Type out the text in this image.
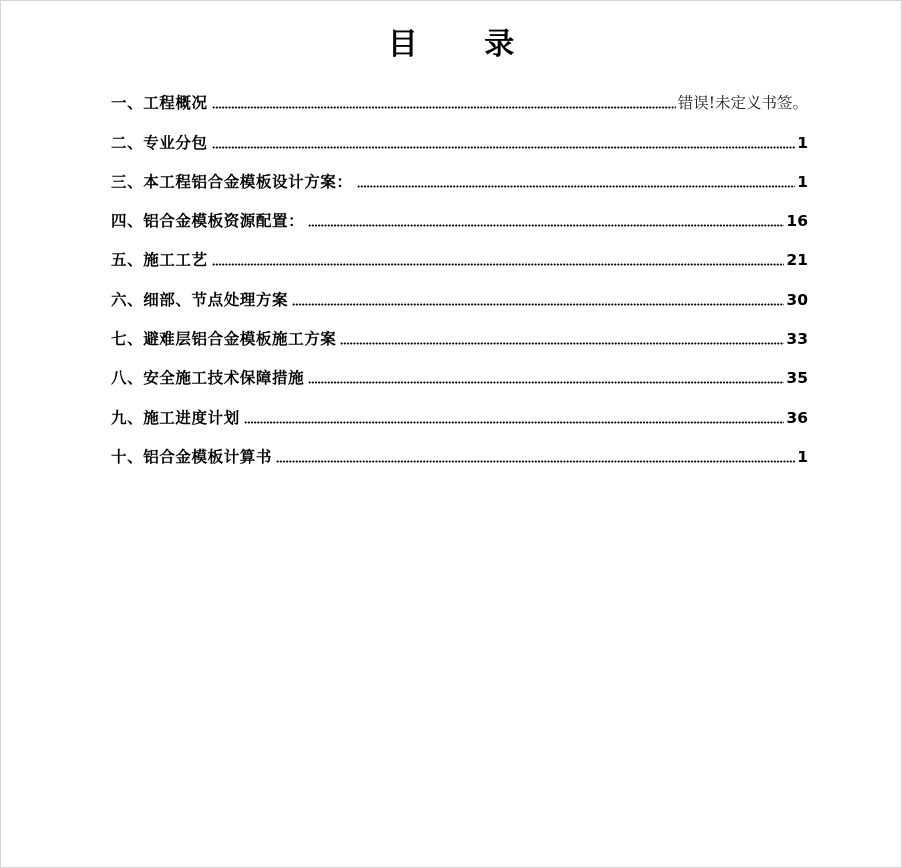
目 录
一、工程概况	错误!未定义书签。
二、专业分包	1
三、本工程铝合金模板设计方案：	1
四、铝合金模板资源配置：	16
五、施工工艺	21
六、细部、节点处理方案	30
七、避难层铝合金模板施工方案	33
八、安全施工技术保障措施	35
九、施工进度计划	36
十、铝合金模板计算书	1
